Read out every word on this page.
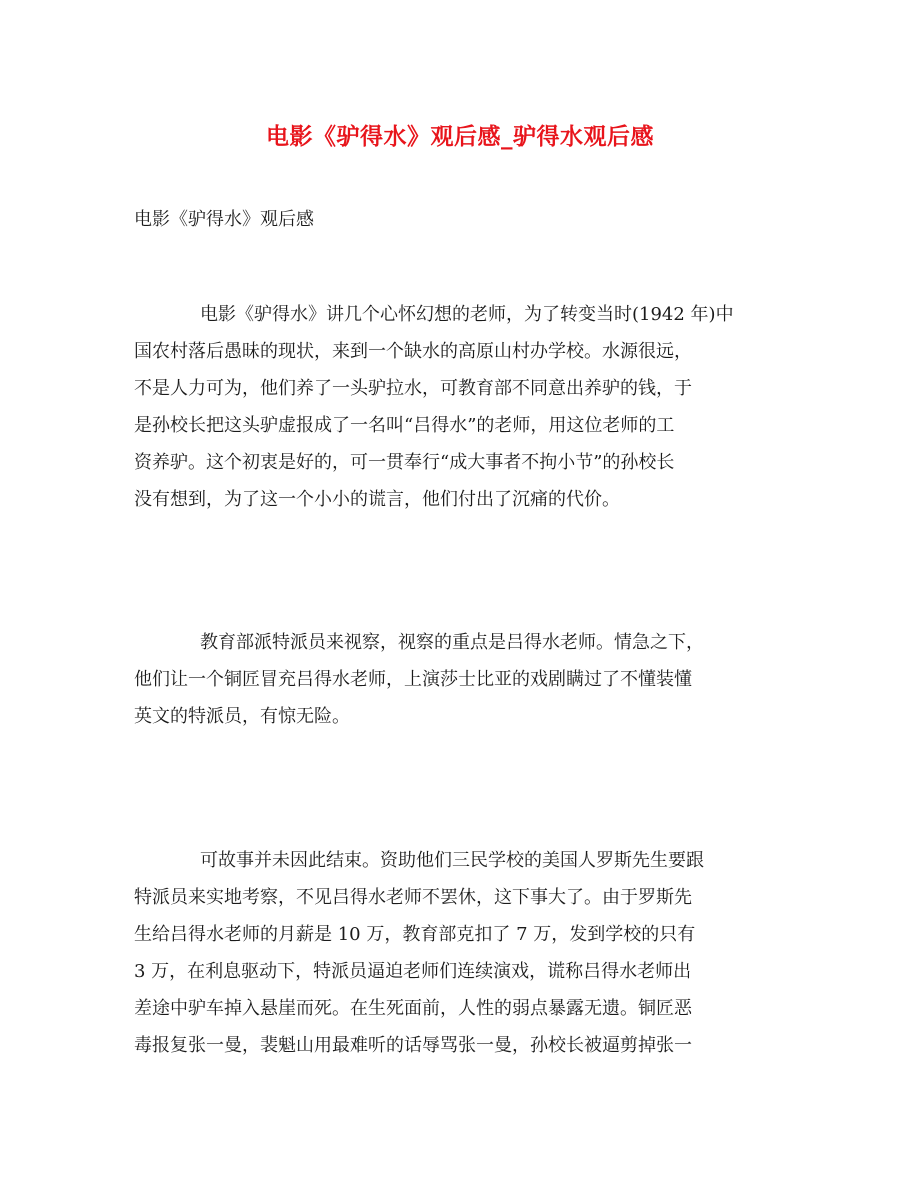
电影《驴得水》观后感_驴得水观后感

电影《驴得水》观后感

电影《驴得水》讲几个心怀幻想的老师，为了转变当时(1942 年)中
国农村落后愚昧的现状，来到一个缺水的高原山村办学校。水源很远，
不是人力可为，他们养了一头驴拉水，可教育部不同意出养驴的钱，于
是孙校长把这头驴虚报成了一名叫“吕得水”的老师，用这位老师的工
资养驴。这个初衷是好的，可一贯奉行“成大事者不拘小节”的孙校长
没有想到，为了这一个小小的谎言，他们付出了沉痛的代价。
教育部派特派员来视察，视察的重点是吕得水老师。情急之下，
他们让一个铜匠冒充吕得水老师，上演莎士比亚的戏剧瞒过了不懂装懂
英文的特派员，有惊无险。
可故事并未因此结束。资助他们三民学校的美国人罗斯先生要跟
特派员来实地考察，不见吕得水老师不罢休，这下事大了。由于罗斯先
生给吕得水老师的月薪是 10 万，教育部克扣了 7 万，发到学校的只有
3 万，在利息驱动下，特派员逼迫老师们连续演戏，谎称吕得水老师出
差途中驴车掉入悬崖而死。在生死面前，人性的弱点暴露无遗。铜匠恶
毒报复张一曼，裴魁山用最难听的话辱骂张一曼，孙校长被逼剪掉张一
